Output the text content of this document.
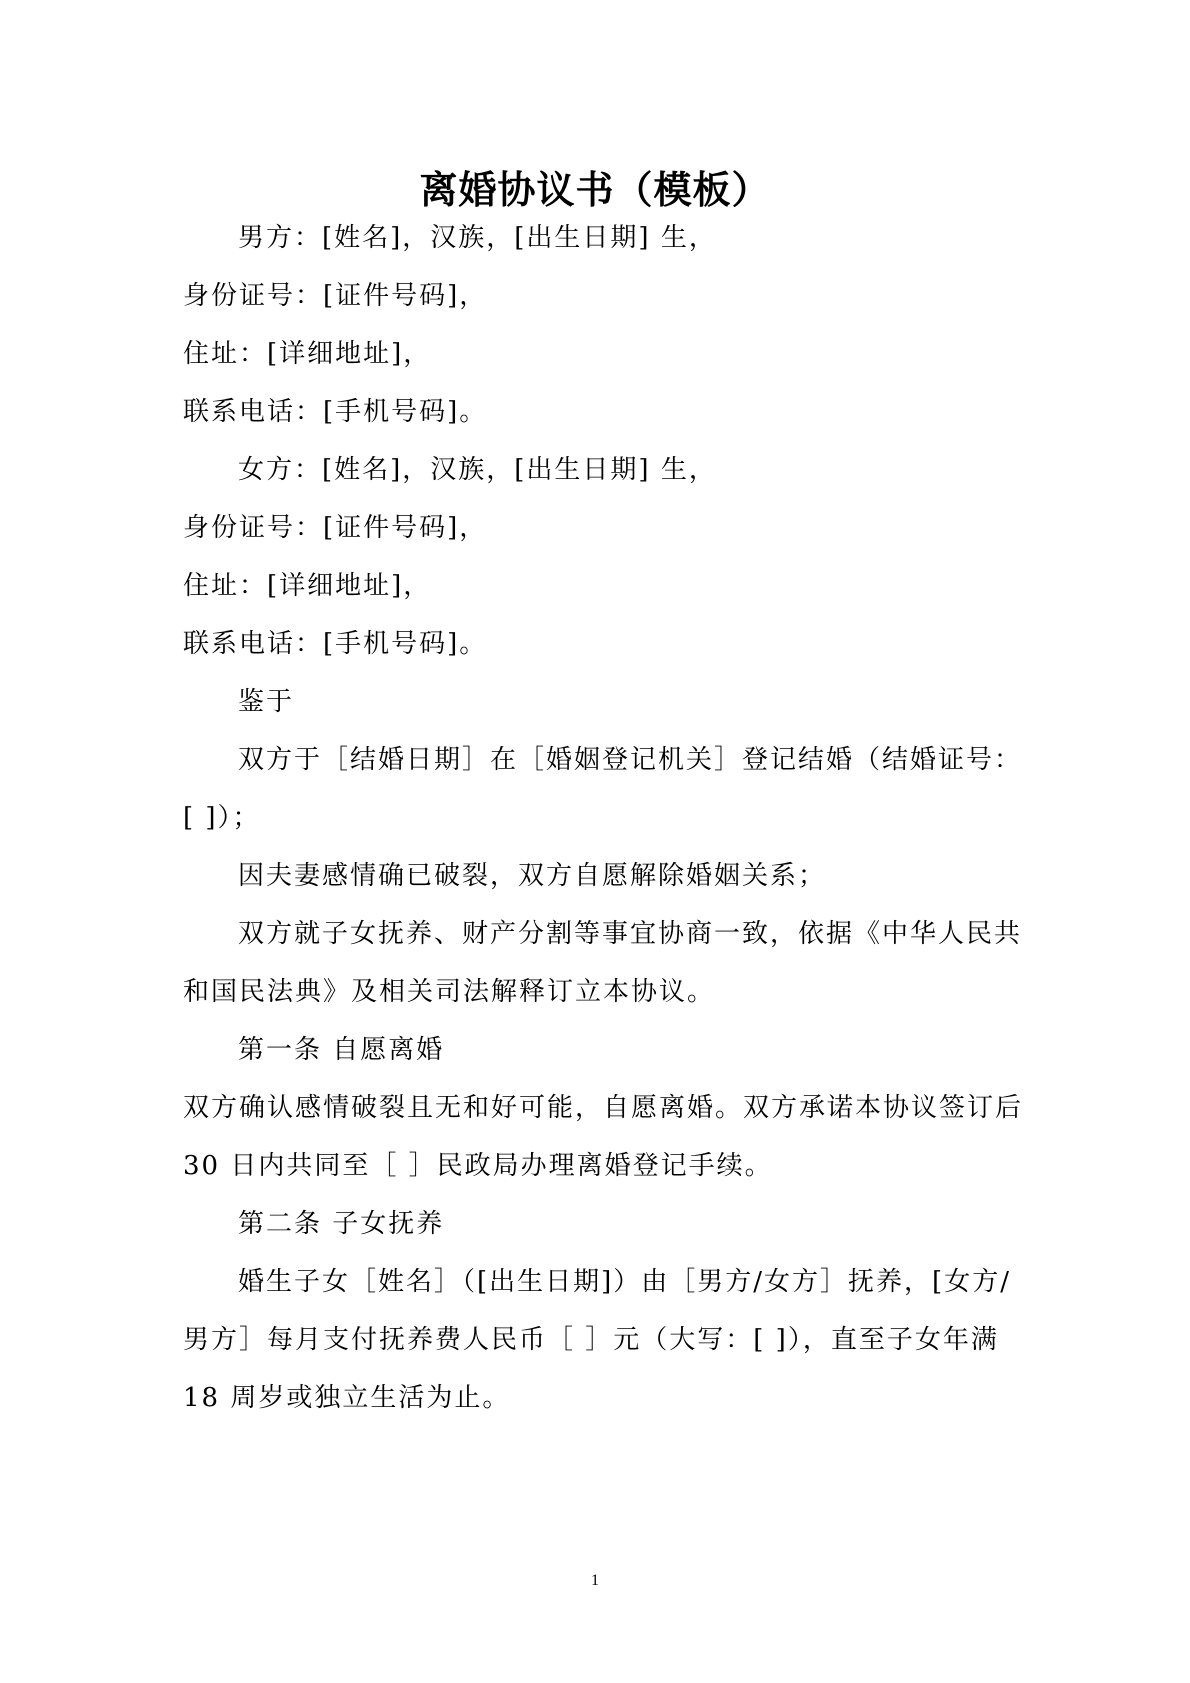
离婚协议书（模板）
男方：[姓名]，汉族，[出生日期] 生，
身份证号：[证件号码]，
住址：[详细地址]，
联系电话：[手机号码]。
女方：[姓名]，汉族，[出生日期] 生，
身份证号：[证件号码]，
住址：[详细地址]，
联系电话：[手机号码]。
鉴于
双方于［结婚日期］在［婚姻登记机关］登记结婚（结婚证号：
[ ]）；
因夫妻感情确已破裂，双方自愿解除婚姻关系；
双方就子女抚养、财产分割等事宜协商一致，依据《中华人民共
和国民法典》及相关司法解释订立本协议。
第一条 自愿离婚
双方确认感情破裂且无和好可能，自愿离婚。双方承诺本协议签订后
30 日内共同至［ ］民政局办理离婚登记手续。
第二条 子女抚养
婚生子女［姓名］（[出生日期]）由［男方/女方］抚养，[女方/
男方］每月支付抚养费人民币［ ］元（大写：[ ]），直至子女年满
18 周岁或独立生活为止。
1
